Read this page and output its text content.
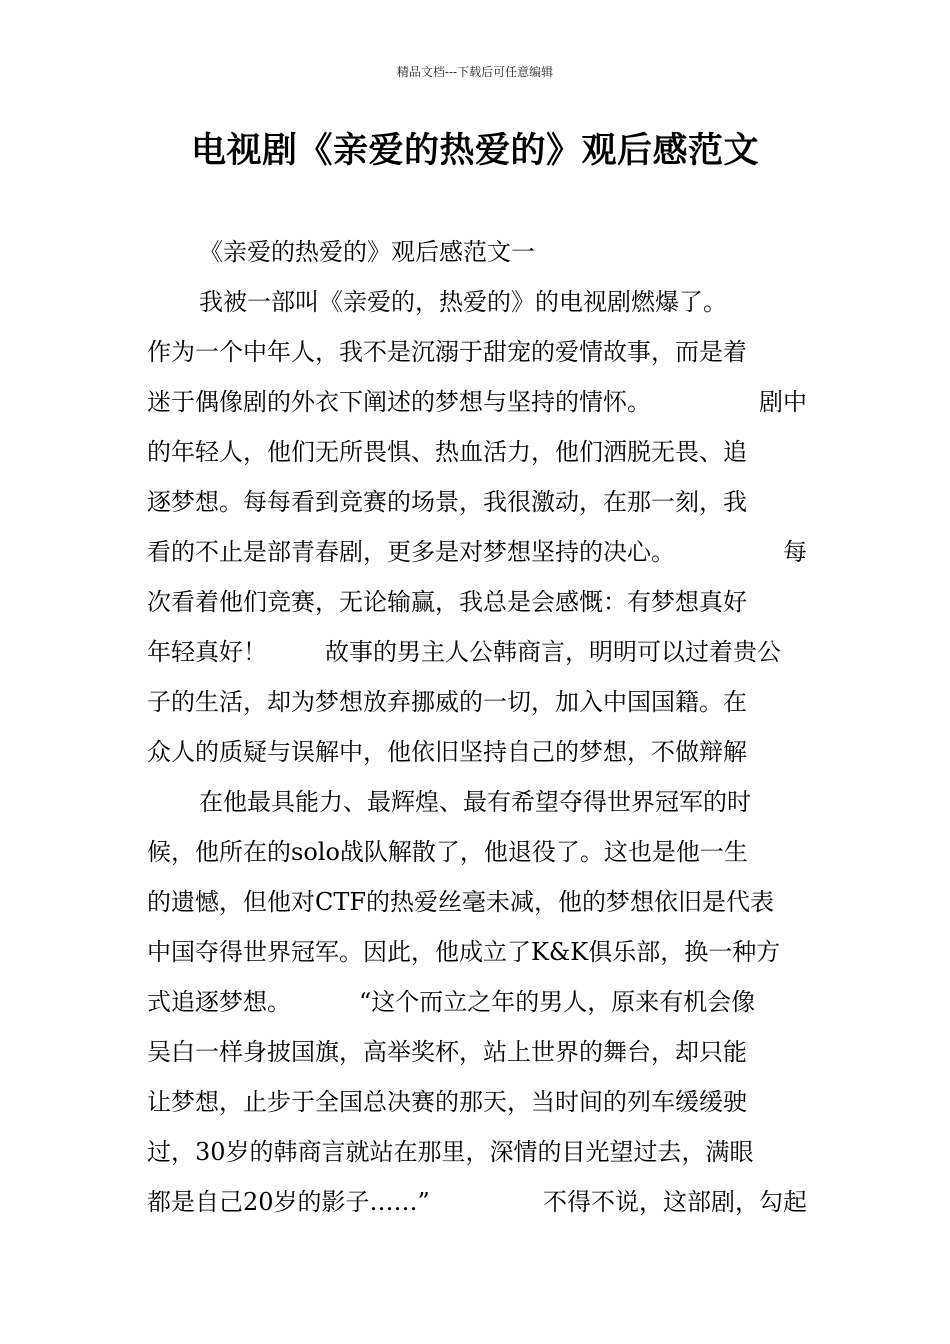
精品文档---下载后可任意编辑
电视剧《亲爱的热爱的》观后感范文
《亲爱的热爱的》观后感范文一
我被一部叫《亲爱的，热爱的》的电视剧燃爆了。
作为一个中年人，我不是沉溺于甜宠的爱情故事，而是着
迷于偶像剧的外衣下阐述的梦想与坚持的情怀。	剧中
的年轻人，他们无所畏惧、热血活力，他们洒脱无畏、追
逐梦想。每每看到竞赛的场景，我很激动，在那一刻，我
看的不止是部青春剧，更多是对梦想坚持的决心。	每
次看着他们竞赛，无论输赢，我总是会感慨：有梦想真好
年轻真好！ 故事的男主人公韩商言，明明可以过着贵公
子的生活，却为梦想放弃挪威的一切，加入中国国籍。在
众人的质疑与误解中，他依旧坚持自己的梦想，不做辩解
在他最具能力、最辉煌、最有希望夺得世界冠军的时
候，他所在的solo战队解散了，他退役了。这也是他一生
的遗憾，但他对CTF的热爱丝毫未减，他的梦想依旧是代表
中国夺得世界冠军。因此，他成立了K&K俱乐部，换一种方
式追逐梦想。	“这个而立之年的男人，原来有机会像
吴白一样身披国旗，高举奖杯，站上世界的舞台，却只能
让梦想，止步于全国总决赛的那天，当时间的列车缓缓驶
过，30岁的韩商言就站在那里，深情的目光望过去，满眼
都是自己20岁的影子……”	不得不说，这部剧，勾起
